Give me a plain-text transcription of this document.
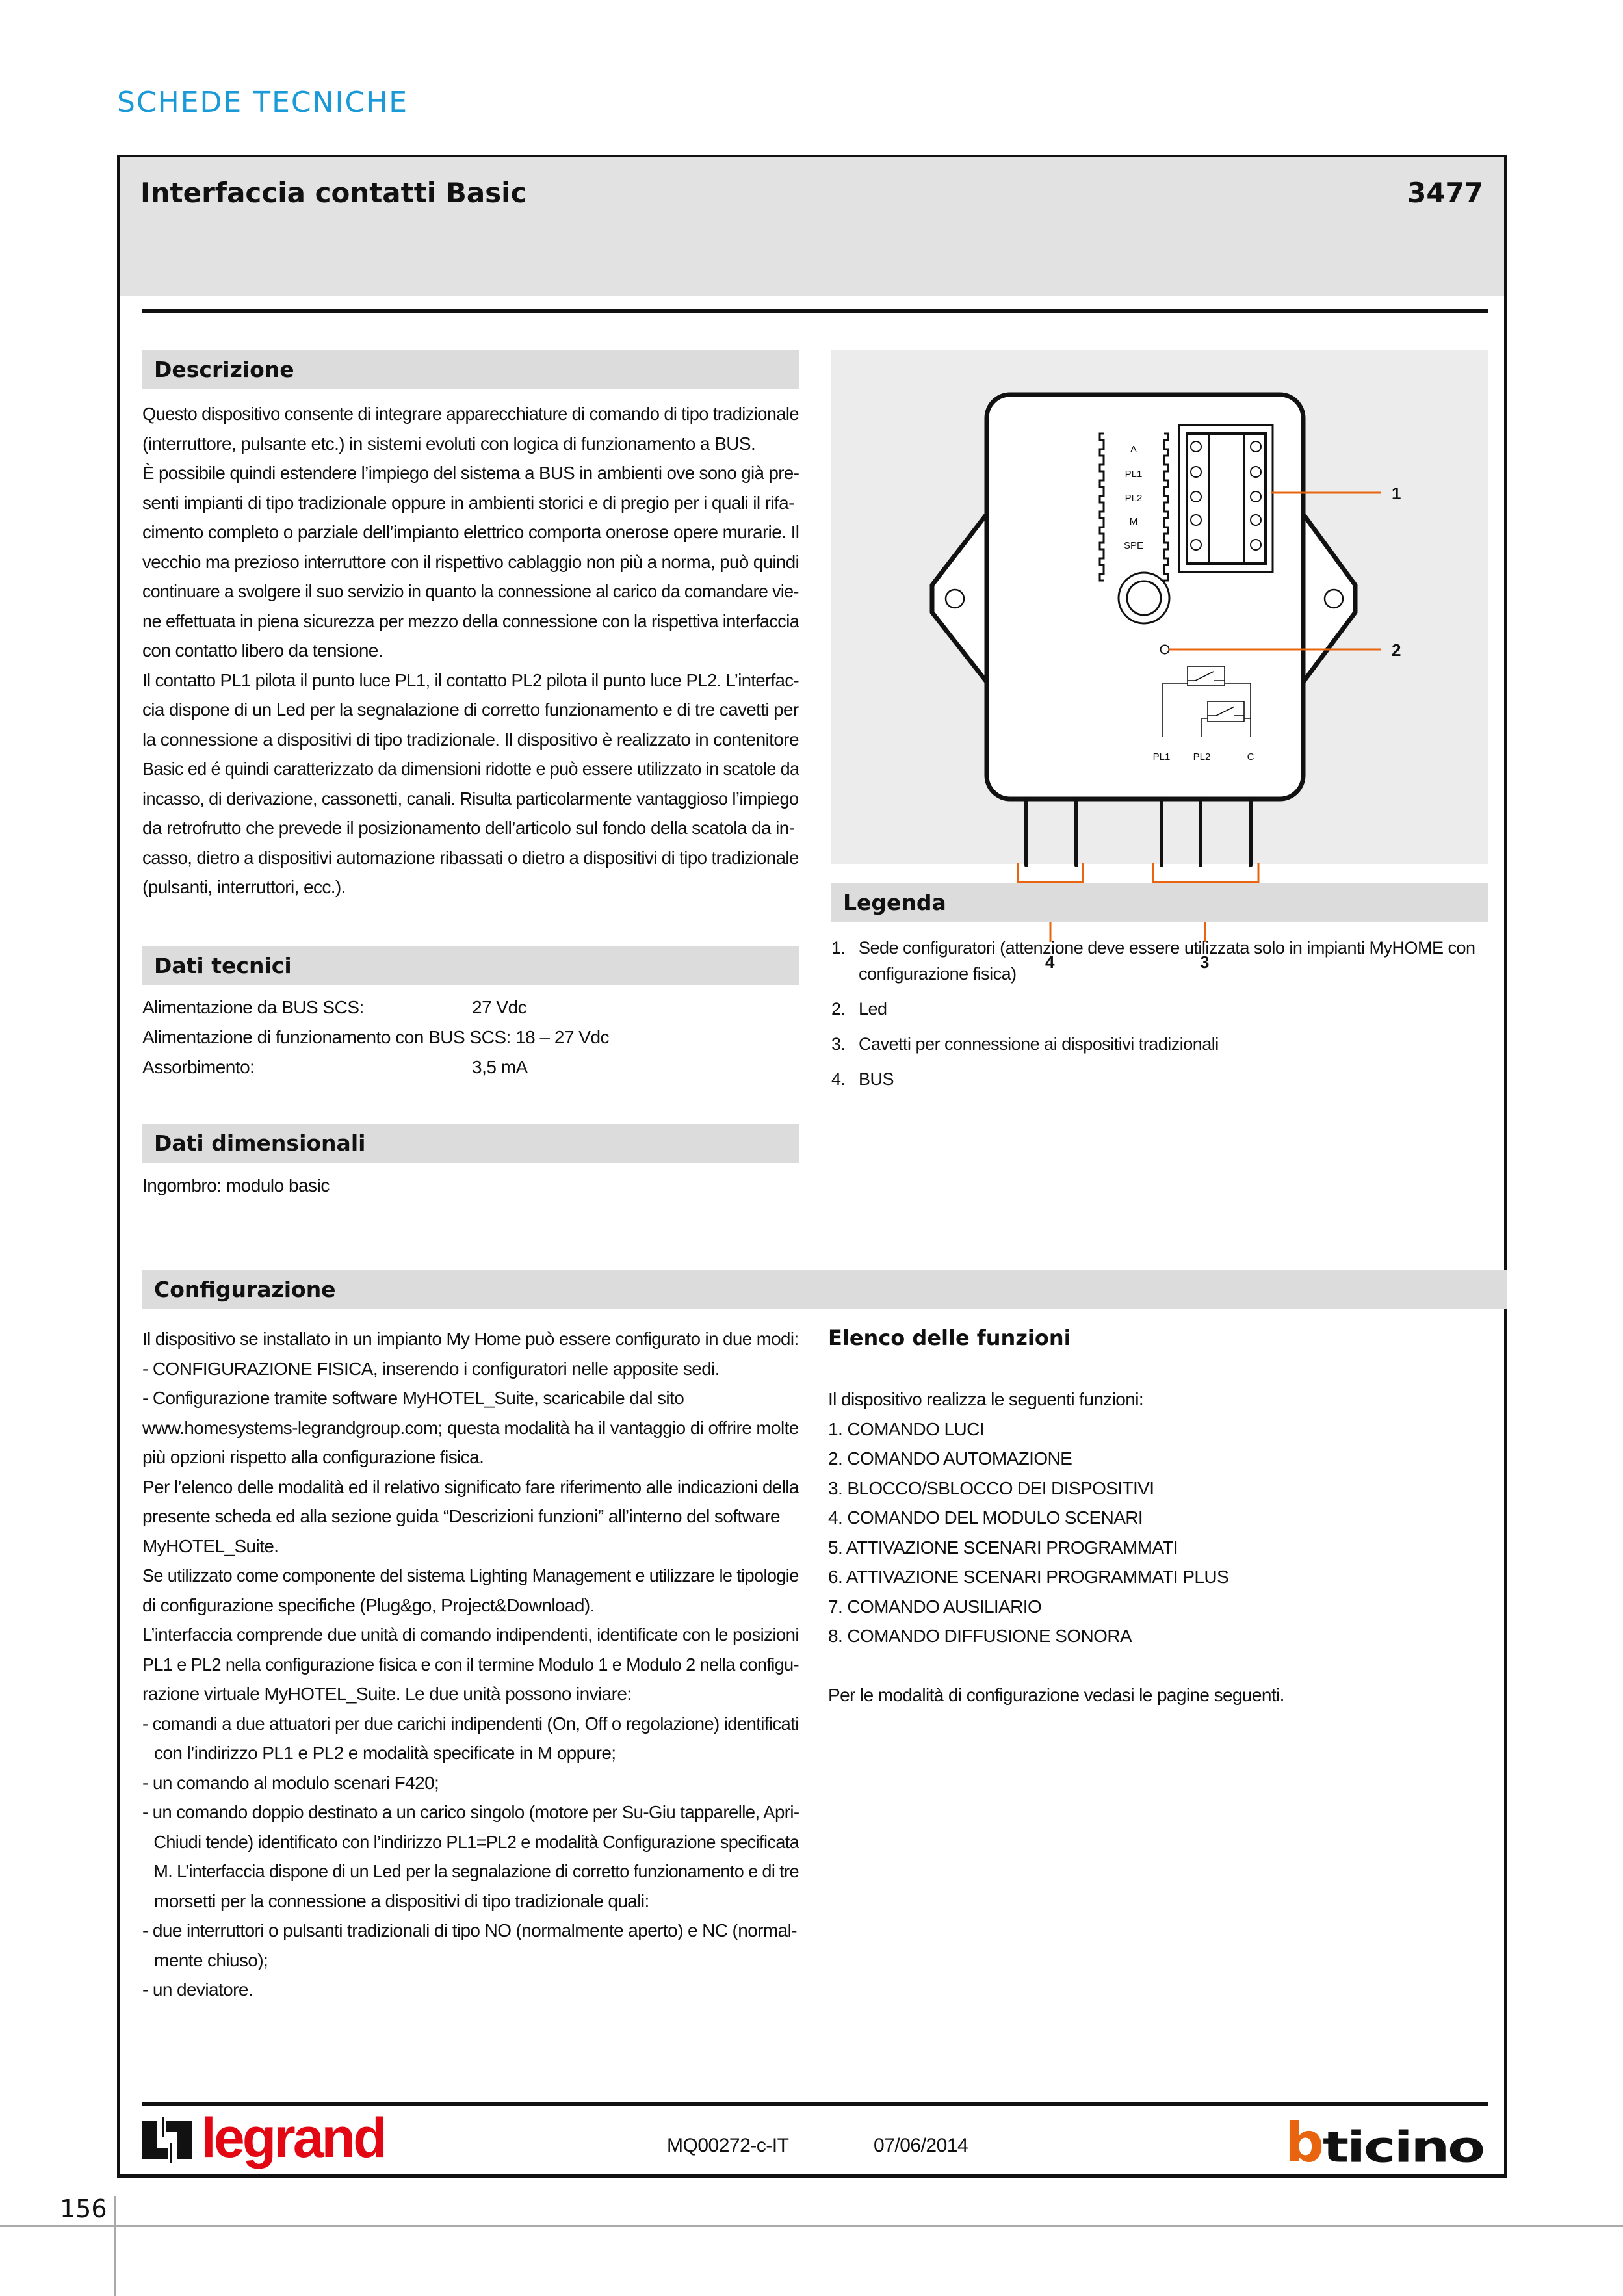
SCHEDE TECNICHE
Interfaccia contatti Basic	3477
Descrizione

Questo dispositivo consente di integrare apparecchiature di comando di tipo tradizionale

(interruttore, pulsante etc.) in sistemi evoluti con logica di funzionamento a BUS.

È possibile quindi estendere l’impiego del sistema a BUS in ambienti ove sono già pre-

senti impianti di tipo tradizionale oppure in ambienti storici e di pregio per i quali il rifa-

cimento completo o parziale dell’impianto elettrico comporta onerose opere murarie. Il

vecchio ma prezioso interruttore con il rispettivo cablaggio non più a norma, può quindi

continuare a svolgere il suo servizio in quanto la connessione al carico da comandare vie-

ne effettuata in piena sicurezza per mezzo della connessione con la rispettiva interfaccia

con contatto libero da tensione.

Il contatto PL1 pilota il punto luce PL1, il contatto PL2 pilota il punto luce PL2. L’interfac-

cia dispone di un Led per la segnalazione di corretto funzionamento e di tre cavetti per

la connessione a dispositivi di tipo tradizionale. Il dispositivo è realizzato in contenitore

Basic ed é quindi caratterizzato da dimensioni ridotte e può essere utilizzato in scatole da

incasso, di derivazione, cassonetti, canali. Risulta particolarmente vantaggioso l’impiego

da retrofrutto che prevede il posizionamento dell’articolo sul fondo della scatola da in-

casso, dietro a dispositivi automazione ribassati o dietro a dispositivi di tipo tradizionale

(pulsanti, interruttori, ecc.).

A
PL1
PL2
M
SPE
PL1 PL2	C
1
2
3
4
Legenda
1. Sede configuratori (attenzione deve essere utilizzata solo in impianti MyHOME con
configurazione fisica)
2. Led
3. Cavetti per connessione ai dispositivi tradizionali
4. BUS
Dati tecnici
Alimentazione da BUS SCS:	27 Vdc
Alimentazione di funzionamento con BUS SCS: 18 – 27 Vdc
Assorbimento:	3,5 mA
Dati dimensionali
Ingombro: modulo basic
Configurazione

Il dispositivo se installato in un impianto My Home può essere configurato in due modi:

- CONFIGURAZIONE FISICA, inserendo i configuratori nelle apposite sedi.

- Configurazione tramite software MyHOTEL_Suite, scaricabile dal sito

www.homesystems-legrandgroup.com; questa modalità ha il vantaggio di offrire molte

più opzioni rispetto alla configurazione fisica.

Per l’elenco delle modalità ed il relativo significato fare riferimento alle indicazioni della

presente scheda ed alla sezione guida “Descrizioni funzioni” all’interno del software

MyHOTEL_Suite.

Se utilizzato come componente del sistema Lighting Management e utilizzare le tipologie

di configurazione specifiche (Plug&go, Project&Download).

L’interfaccia comprende due unità di comando indipendenti, identificate con le posizioni

PL1 e PL2 nella configurazione fisica e con il termine Modulo 1 e Modulo 2 nella configu-

razione virtuale MyHOTEL_Suite. Le due unità possono inviare:

- comandi a due attuatori per due carichi indipendenti (On, Off o regolazione) identificati

con l’indirizzo PL1 e PL2 e modalità specificate in M oppure;

- un comando al modulo scenari F420;

- un comando doppio destinato a un carico singolo (motore per Su-Giu tapparelle, Apri-

Chiudi tende) identificato con l’indirizzo PL1=PL2 e modalità Configurazione specificata

M. L’interfaccia dispone di un Led per la segnalazione di corretto funzionamento e di tre

morsetti per la connessione a dispositivi di tipo tradizionale quali:

- due interruttori o pulsanti tradizionali di tipo NO (normalmente aperto) e NC (normal-

mente chiuso);

- un deviatore.

Elenco delle funzioni

Il dispositivo realizza le seguenti funzioni:

1. COMANDO LUCI

2. COMANDO AUTOMAZIONE

3. BLOCCO/SBLOCCO DEI DISPOSITIVI

4. COMANDO DEL MODULO SCENARI

5. ATTIVAZIONE SCENARI PROGRAMMATI

6. ATTIVAZIONE SCENARI PROGRAMMATI PLUS

7. COMANDO AUSILIARIO

8. COMANDO DIFFUSIONE SONORA

Per le modalità di configurazione vedasi le pagine seguenti.

legrand	MQ00272-c-IT	07/06/2014	b ticino
156
